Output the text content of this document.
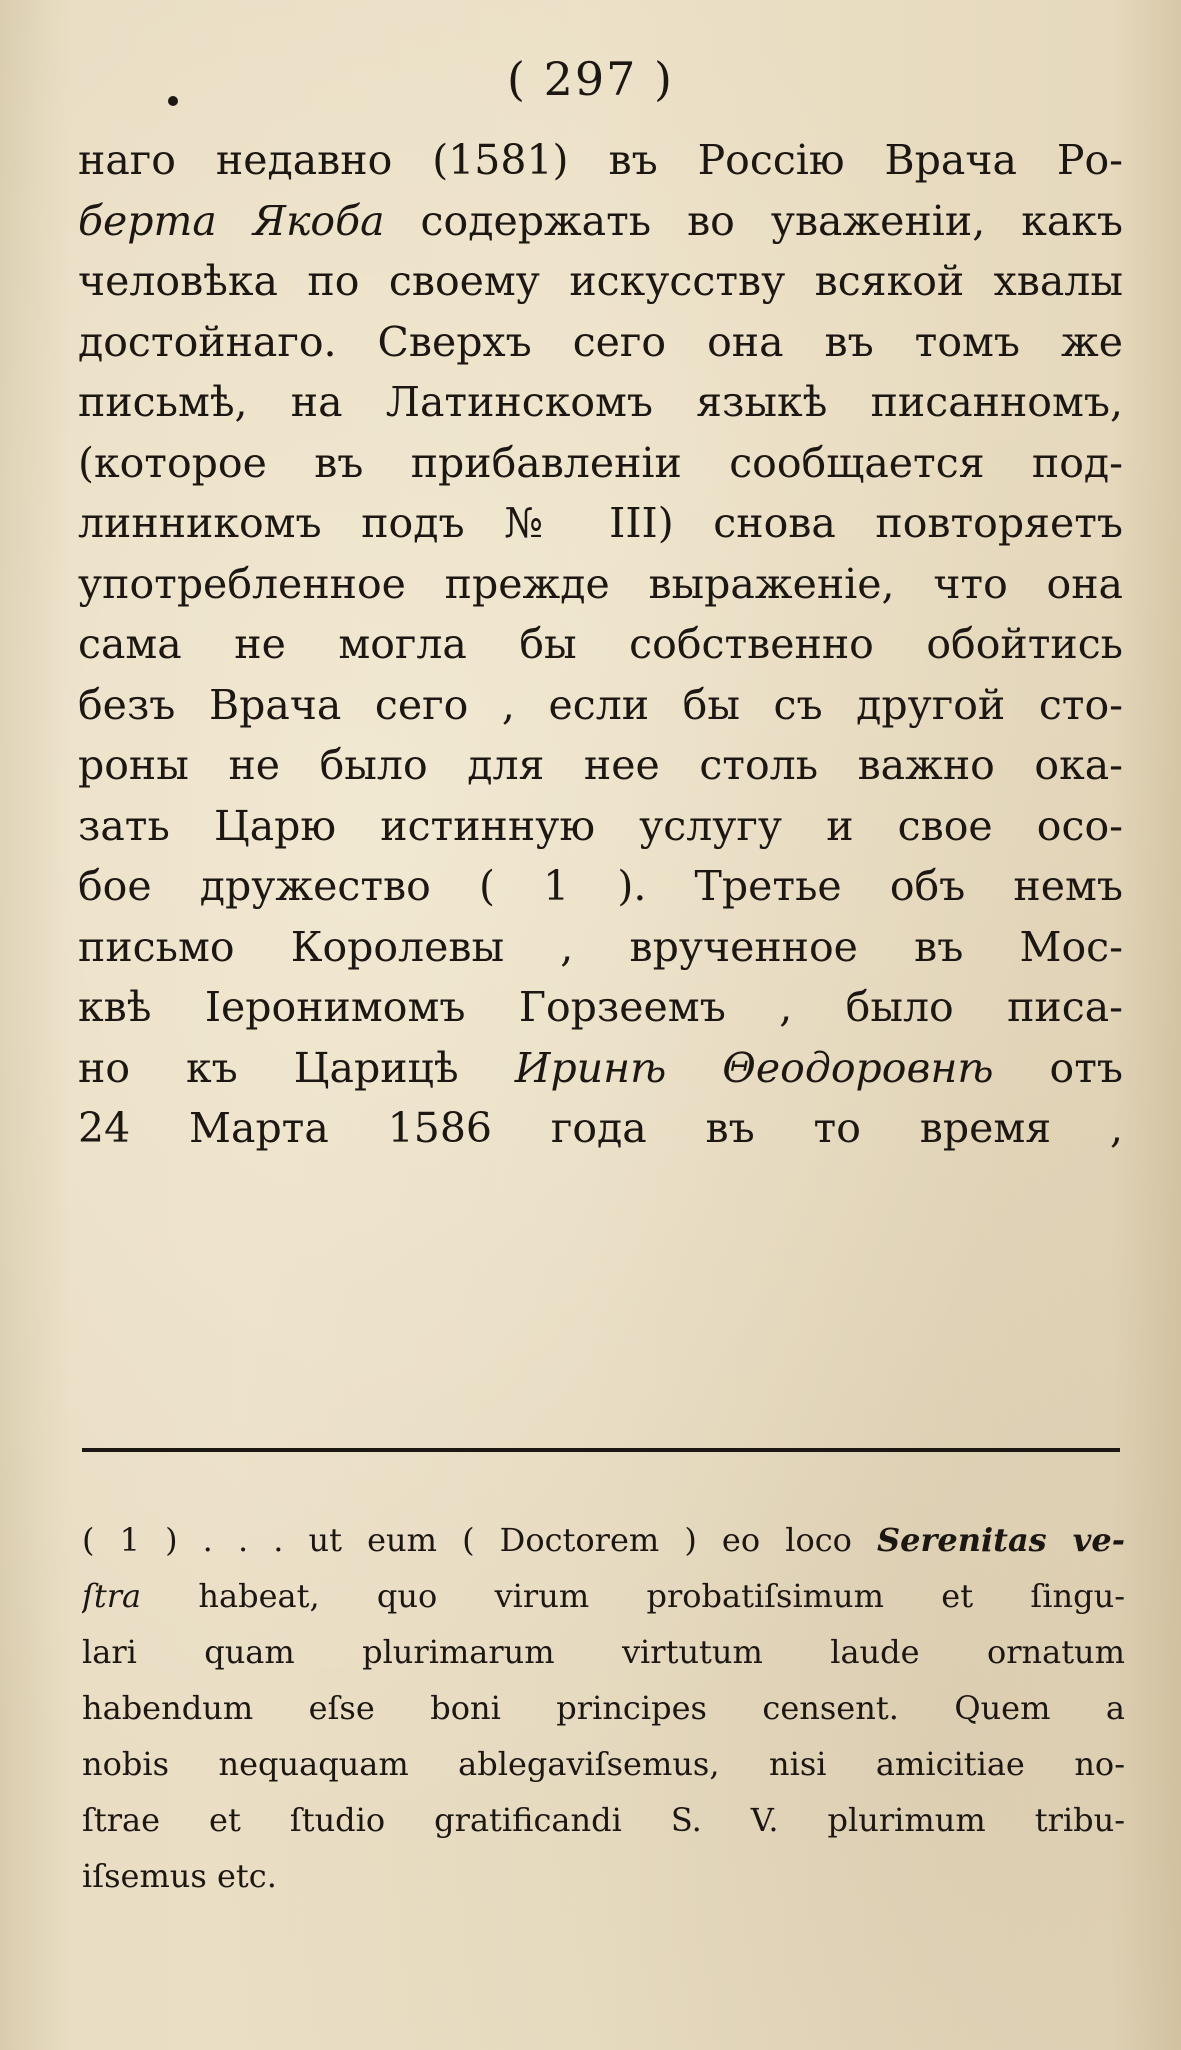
( 297 )
наго недавно (1581) въ Россію Врача Ро-
берта Якоба содержать во уваженіи, какъ
человѣка по своему искусству всякой хвалы
достойнаго. Сверхъ сего она въ томъ же
письмѣ, на Латинскомъ языкѣ писанномъ,
(которое въ прибавленіи сообщается под-
линникомъ подъ № III) снова повторяетъ
употребленное прежде выраженіе, что она
сама не могла бы собственно обойтись
безъ Врача сего , если бы съ другой сто-
роны не было для нее столь важно ока-
зать Царю истинную услугу и свое осо-
бое дружество ( 1 ). Третье объ немъ
письмо Королевы , врученное въ Мос-
квѣ Іеронимомъ Горзеемъ , было писа-
но къ Царицѣ Иринѣ Θеодоровнѣ отъ
24 Марта 1586 года въ то время ,
( 1 ) . . . ut eum ( Doctorem ) eo loco Serenitas ve-
ſtra habeat, quo virum probatiſsimum et ſingu-
lari quam plurimarum virtutum laude ornatum
habendum eſse boni principes censent. Quem a
nobis nequaquam ablegaviſsemus, nisi amicitiae no-
ſtrae et ſtudio gratificandi S. V. plurimum tribu-
iſsemus etc.
